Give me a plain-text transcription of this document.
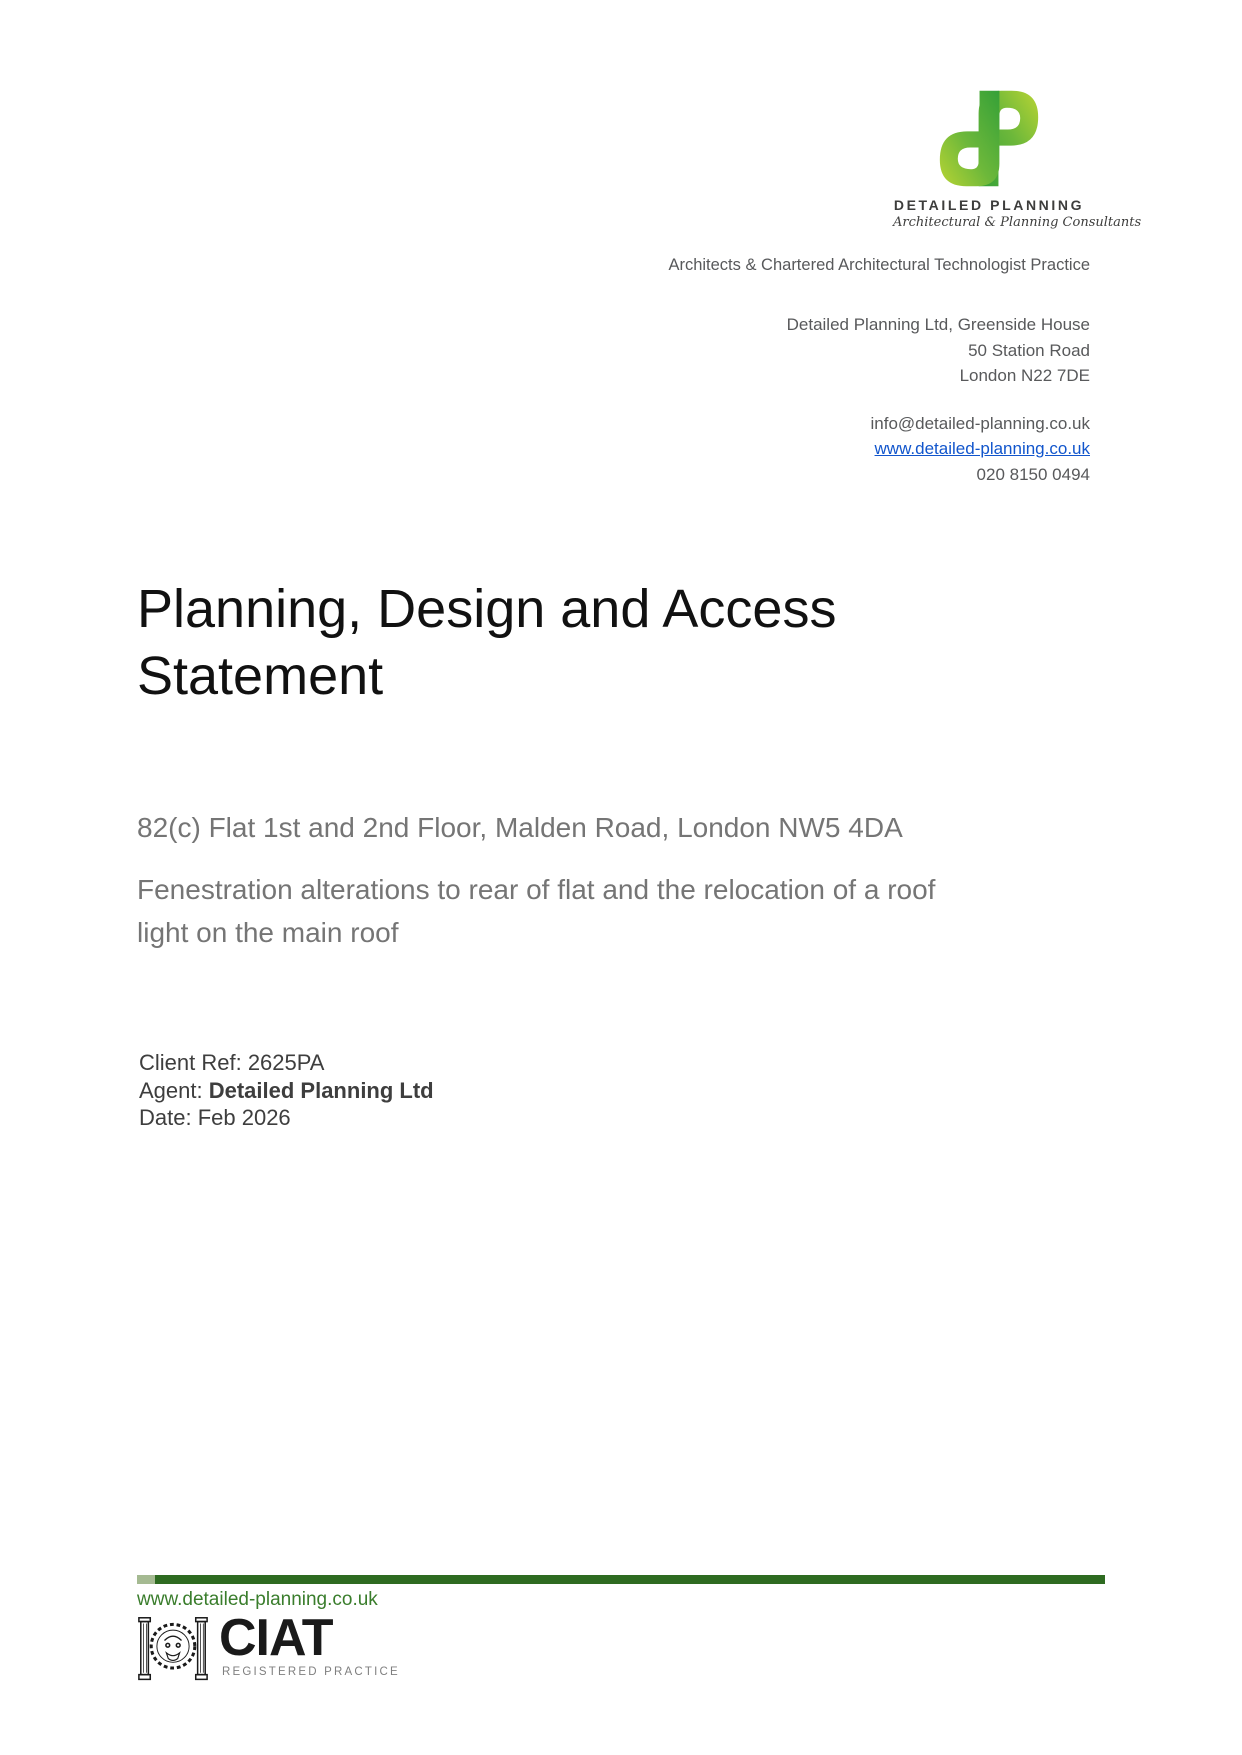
DETAILED PLANNING
Architectural & Planning Consultants
Architects & Chartered Architectural Technologist Practice
Detailed Planning Ltd, Greenside House
50 Station Road
London N22 7DE
info@detailed-planning.co.uk
www.detailed-planning.co.uk
020 8150 0494
Planning, Design and Access
Statement
82(c) Flat 1st and 2nd Floor, Malden Road, London NW5 4DA
Fenestration alterations to rear of flat and the relocation of a roof
light on the main roof
Client Ref: 2625PA
Agent: Detailed Planning Ltd
Date: Feb 2026
www.detailed-planning.co.uk
CIAT
REGISTERED PRACTICE
